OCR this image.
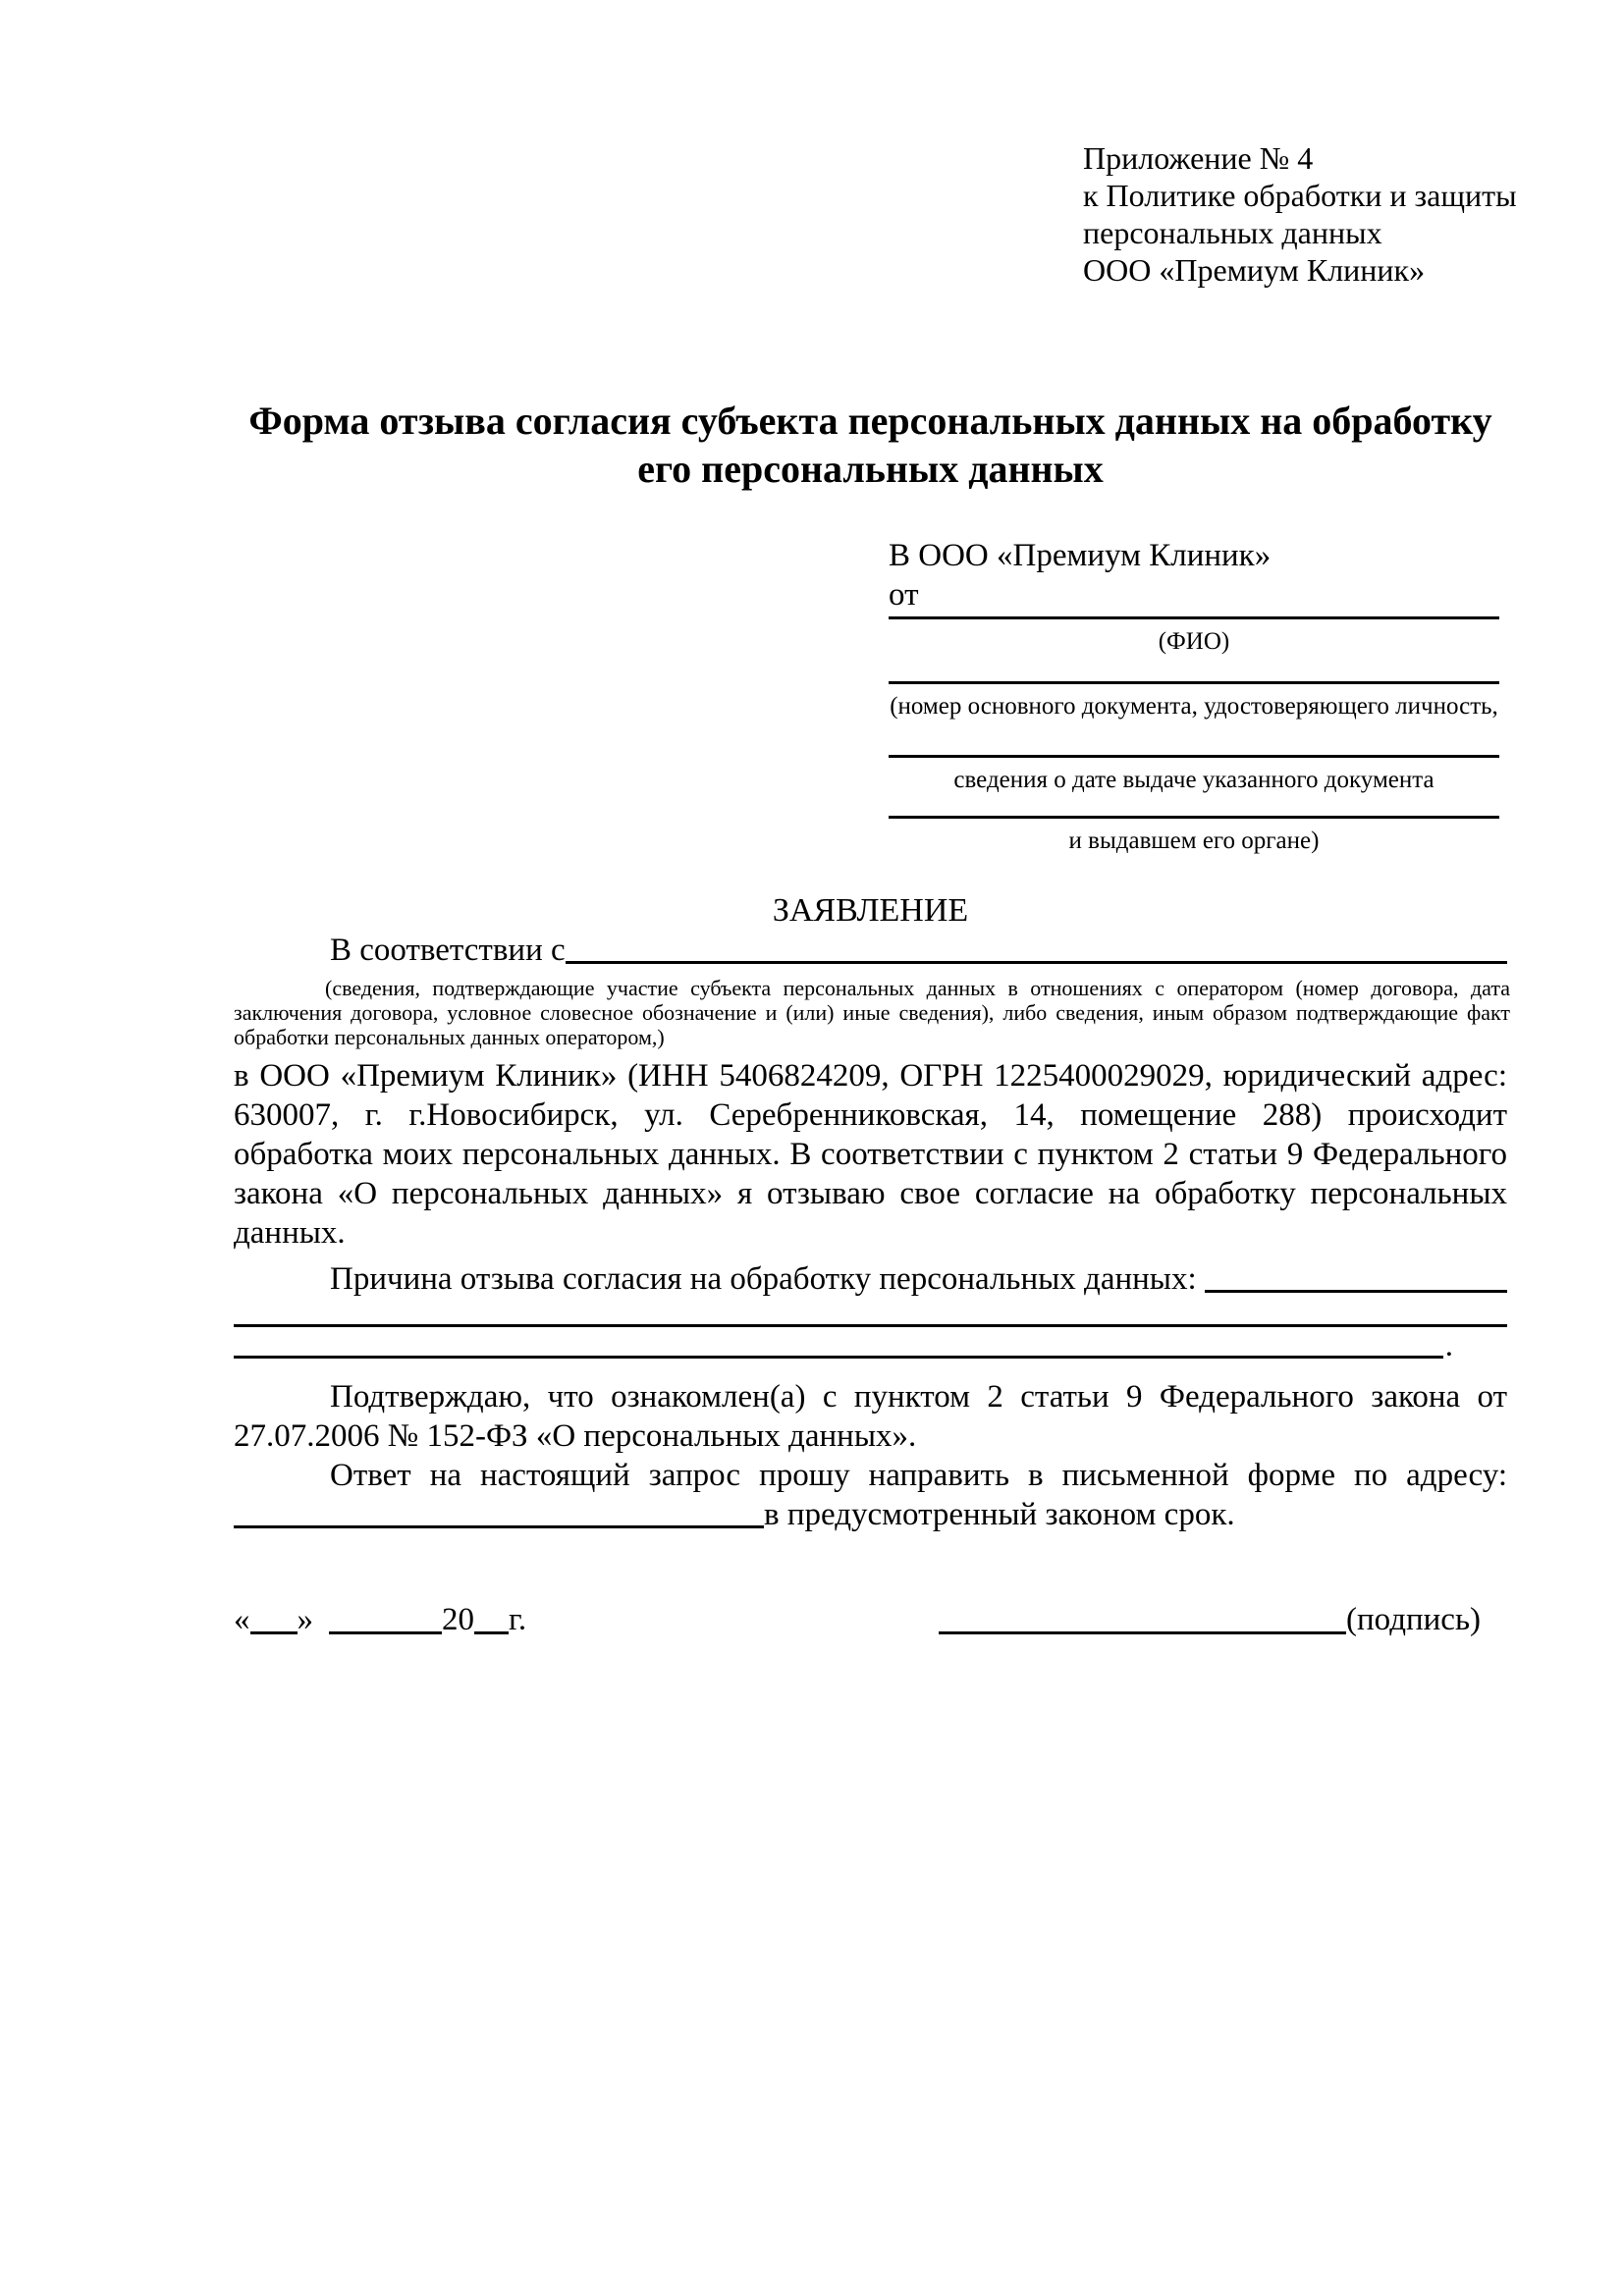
Приложение № 4
к Политике обработки и защиты
персональных данных
ООО «Премиум Клиник»
Форма отзыва согласия субъекта персональных данных на обработку его персональных данных
В ООО «Премиум Клиник»
от
(ФИО)
(номер основного документа, удостоверяющего личность,
сведения о дате выдаче указанного документа
и выдавшем его органе)
ЗАЯВЛЕНИЕ
В соответствии с

(сведения, подтверждающие участие субъекта персональных данных в отношениях с оператором (номер договора, дата заключения договора, условное словесное обозначение и (или) иные сведения), либо сведения, иным образом подтверждающие факт обработки персональных данных оператором,)

в ООО «Премиум Клиник» (ИНН 5406824209, ОГРН 1225400029029, юридический адрес: 630007, г. г.Новосибирск, ул. Серебренниковская, 14, помещение 288) происходит обработка моих персональных данных. В соответствии с пунктом 2 статьи 9 Федерального закона «О персональных данных» я отзываю свое согласие на обработку персональных данных.

Причина отзыва согласия на обработку персональных данных:
.

Подтверждаю, что ознакомлен(а) с пунктом 2 статьи 9 Федерального закона от 27.07.2006 № 152-ФЗ «О персональных данных».

Ответ на настоящий запрос прошу направить в письменной форме по адресу:

в предусмотренный законом срок.
« »	20 г.	(подпись)
